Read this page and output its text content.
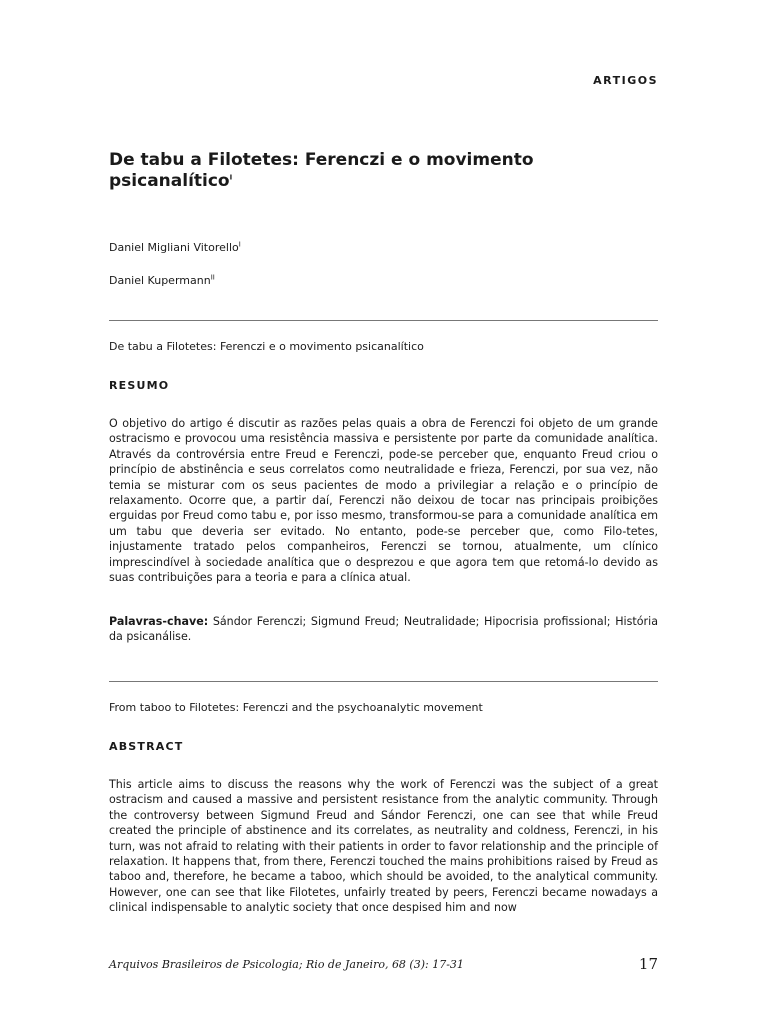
ARTIGOS
De tabu a Filotetes: Ferenczi e o movimento psicanalítico$^I$
Daniel Migliani Vitorello$^I$
Daniel Kupermann$^{II}$
De tabu a Filotetes: Ferenczi e o movimento psicanalítico
RESUMO
O objetivo do artigo é discutir as razões pelas quais a obra de Ferenczi foi objeto de um grande ostracismo e provocou uma resistência massiva e persistente por parte da comunidade analítica. Através da controvérsia entre Freud e Ferenczi, pode-se perceber que, enquanto Freud criou o princípio de abstinência e seus correlatos como neutralidade e frieza, Ferenczi, por sua vez, não temia se misturar com os seus pacientes de modo a privilegiar a relação e o princípio de relaxamento. Ocorre que, a partir daí, Ferenczi não deixou de tocar nas principais proibições erguidas por Freud como tabu e, por isso mesmo, transformou-se para a comunidade analítica em um tabu que deveria ser evitado. No entanto, pode-se perceber que, como Filo-tetes, injustamente tratado pelos companheiros, Ferenczi se tornou, atualmente, um clínico imprescindível à sociedade analítica que o desprezou e que agora tem que retomá-lo devido as suas contribuições para a teoria e para a clínica atual.
Palavras-chave: Sándor Ferenczi; Sigmund Freud; Neutralidade; Hipocrisia profissional; História da psicanálise.
From taboo to Filotetes: Ferenczi and the psychoanalytic movement
ABSTRACT
This article aims to discuss the reasons why the work of Ferenczi was the subject of a great ostracism and caused a massive and persistent resistance from the analytic community. Through the controversy between Sigmund Freud and Sándor Ferenczi, one can see that while Freud created the principle of abstinence and its correlates, as neutrality and coldness, Ferenczi, in his turn, was not afraid to relating with their patients in order to favor relationship and the principle of relaxation. It happens that, from there, Ferenczi touched the mains prohibitions raised by Freud as taboo and, therefore, he became a taboo, which should be avoided, to the analytical community. However, one can see that like Filotetes, unfairly treated by peers, Ferenczi became nowadays a clinical indispensable to analytic society that once despised him and now
Arquivos Brasileiros de Psicologia; Rio de Janeiro, 68 (3): 17-31	17
